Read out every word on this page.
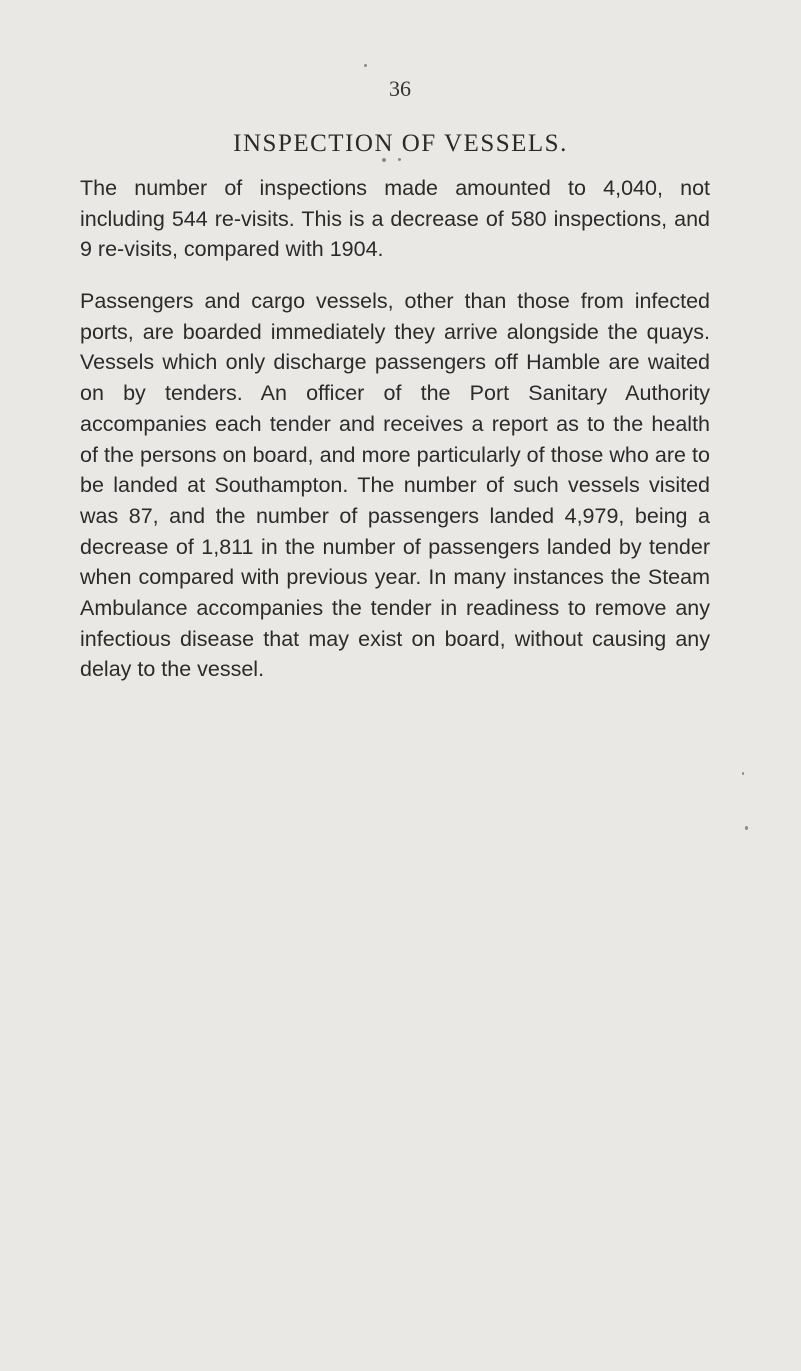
36
INSPECTION OF VESSELS.

The number of inspections made amounted to 4,040, not including 544 re-visits. This is a decrease of 580 inspections, and 9 re-visits, compared with 1904.

Passengers and cargo vessels, other than those from infected ports, are boarded immediately they arrive alongside the quays. Vessels which only discharge passengers off Hamble are waited on by tenders. An officer of the Port Sanitary Authority accompanies each tender and receives a report as to the health of the persons on board, and more particularly of those who are to be landed at Southampton. The number of such vessels visited was 87, and the number of passengers landed 4,979, being a decrease of 1,811 in the number of passengers landed by tender when compared with previous year. In many instances the Steam Ambulance accompanies the tender in readiness to remove any infectious disease that may exist on board, without causing any delay to the vessel.
